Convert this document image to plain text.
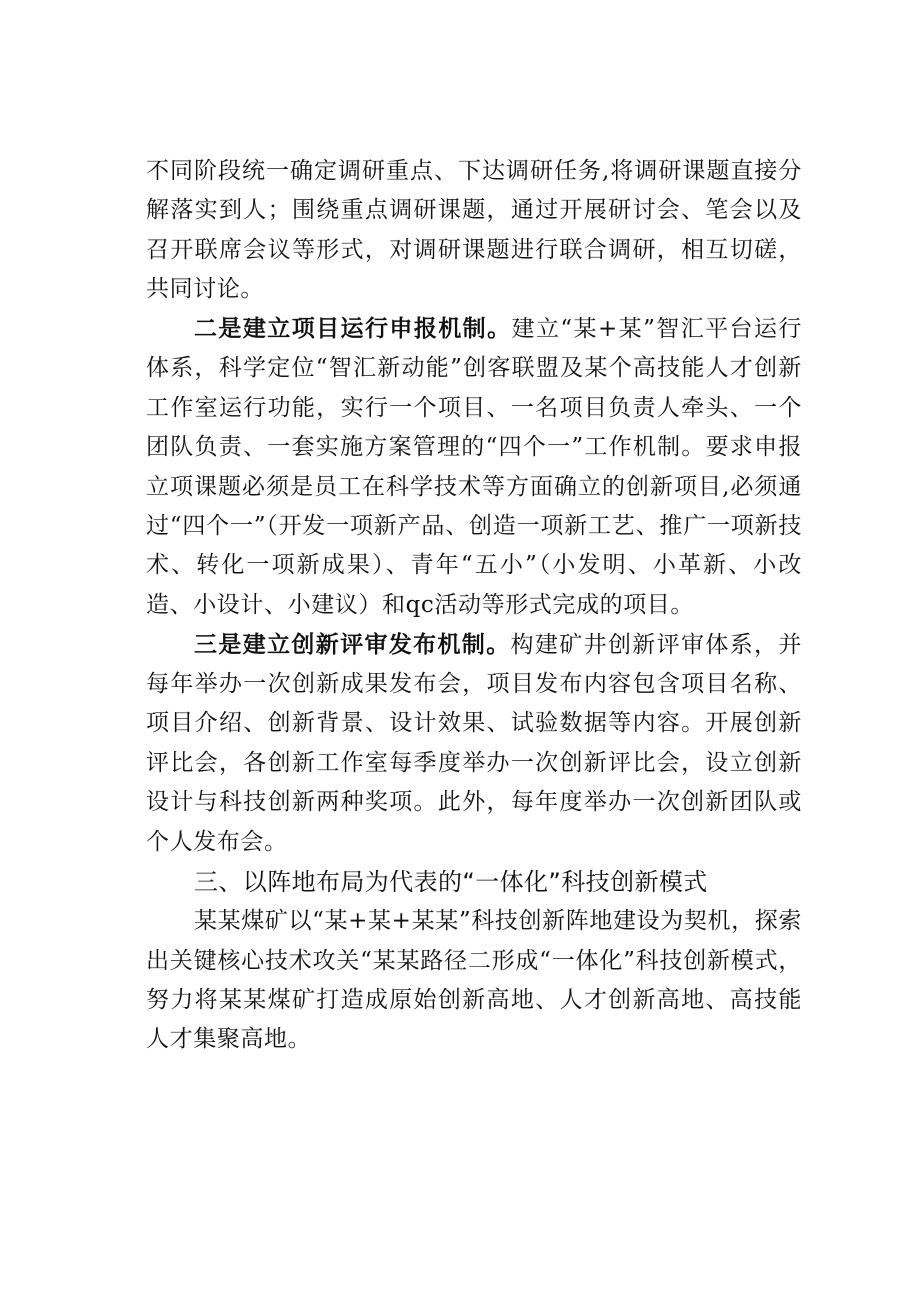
不同阶段统一确定调研重点、下达调研任务,将调研课题直接分解落实到人；围绕重点调研课题，通过开展研讨会、笔会以及召开联席会议等形式，对调研课题进行联合调研，相互切磋，共同讨论。

二是建立项目运行申报机制。建立“某+某”智汇平台运行体系，科学定位“智汇新动能”创客联盟及某个高技能人才创新工作室运行功能，实行一个项目、一名项目负责人牵头、一个团队负责、一套实施方案管理的“四个一”工作机制。要求申报立项课题必须是员工在科学技术等方面确立的创新项目,必须通过“四个一”（开发一项新产品、创造一项新工艺、推广一项新技术、转化一项新成果）、青年“五小”（小发明、小革新、小改造、小设计、小建议）和qc活动等形式完成的项目。

三是建立创新评审发布机制。构建矿井创新评审体系，并每年举办一次创新成果发布会，项目发布内容包含项目名称、项目介绍、创新背景、设计效果、试验数据等内容。开展创新评比会，各创新工作室每季度举办一次创新评比会，设立创新设计与科技创新两种奖项。此外，每年度举办一次创新团队或个人发布会。

三、以阵地布局为代表的“一体化”科技创新模式

某某煤矿以“某+某+某某”科技创新阵地建设为契机，探索出关键核心技术攻关“某某路径二形成“一体化”科技创新模式，努力将某某煤矿打造成原始创新高地、人才创新高地、高技能人才集聚高地。
